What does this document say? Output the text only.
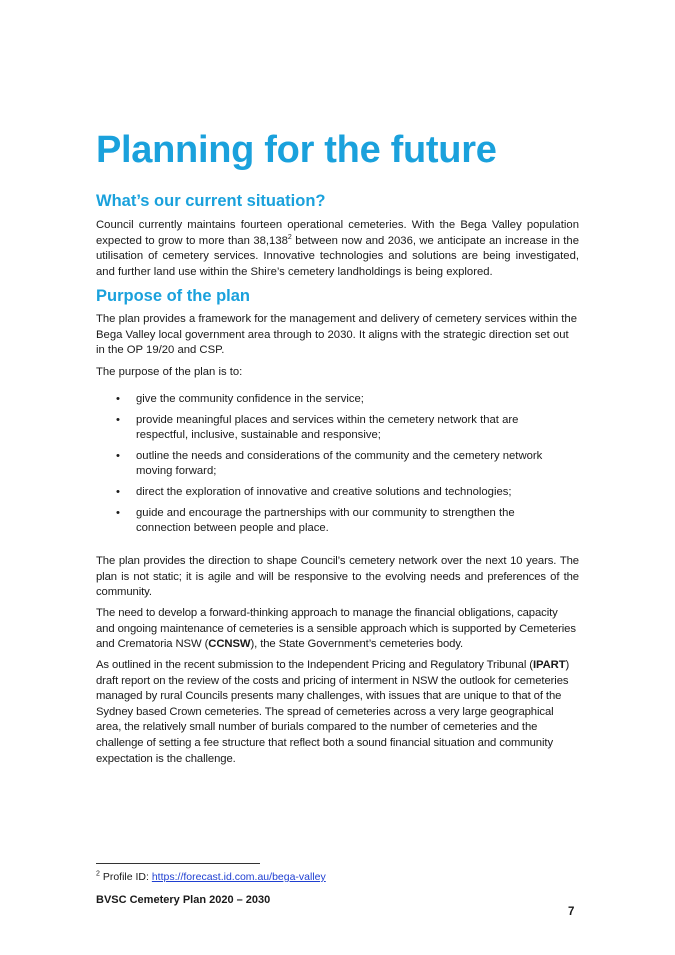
Planning for the future
What’s our current situation?

Council currently maintains fourteen operational cemeteries. With the Bega Valley population expected to grow to more than 38,138$^2$ between now and 2036, we anticipate an increase in the utilisation of cemetery services. Innovative technologies and solutions are being investigated, and further land use within the Shire’s cemetery landholdings is being explored.

Purpose of the plan

The plan provides a framework for the management and delivery of cemetery services within the Bega Valley local government area through to 2030. It aligns with the strategic direction set out in the OP 19/20 and CSP.

The purpose of the plan is to:

• give the community confidence in the service;
• provide meaningful places and services within the cemetery network that are respectful, inclusive, sustainable and responsive;
• outline the needs and considerations of the community and the cemetery network moving forward;
• direct the exploration of innovative and creative solutions and technologies;
• guide and encourage the partnerships with our community to strengthen the connection between people and place.

The plan provides the direction to shape Council’s cemetery network over the next 10 years. The plan is not static; it is agile and will be responsive to the evolving needs and preferences of the community.

The need to develop a forward-thinking approach to manage the financial obligations, capacity and ongoing maintenance of cemeteries is a sensible approach which is supported by Cemeteries and Crematoria NSW (CCNSW), the State Government’s cemeteries body.

As outlined in the recent submission to the Independent Pricing and Regulatory Tribunal (IPART) draft report on the review of the costs and pricing of interment in NSW the outlook for cemeteries managed by rural Councils presents many challenges, with issues that are unique to that of the Sydney based Crown cemeteries. The spread of cemeteries across a very large geographical area, the relatively small number of burials compared to the number of cemeteries and the challenge of setting a fee structure that reflect both a sound financial situation and community expectation is the challenge.

$^2$ Profile ID: https://forecast.id.com.au/bega-valley
BVSC Cemetery Plan 2020 – 2030
7
